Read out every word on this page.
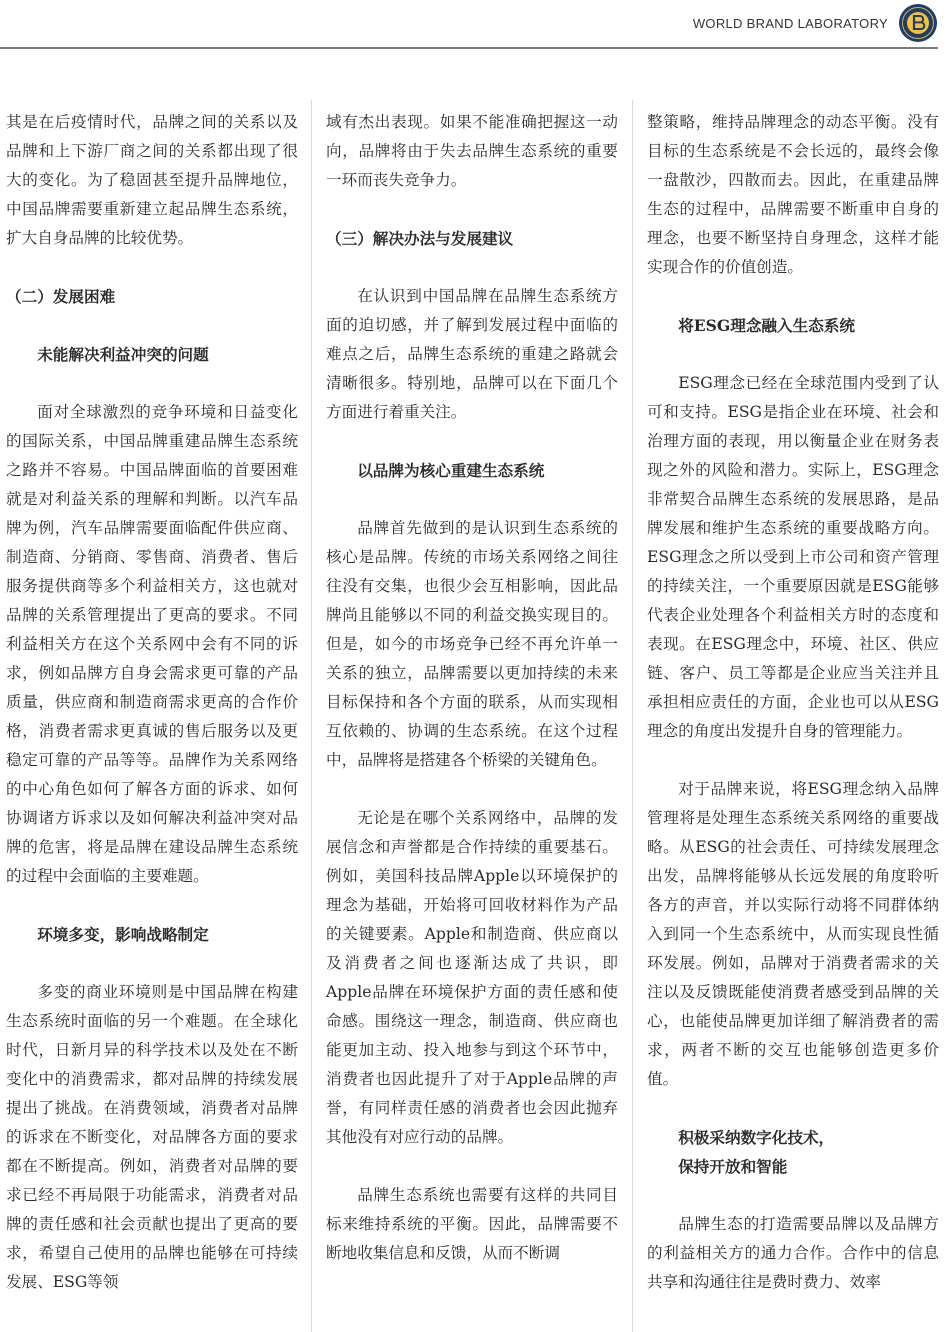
WORLD BRAND LABORATORY

其是在后疫情时代，品牌之间的关系以及品牌和上下游厂商之间的关系都出现了很大的变化。为了稳固甚至提升品牌地位，中国品牌需要重新建立起品牌生态系统，扩大自身品牌的比较优势。

（二）发展困难
未能解决利益冲突的问题

面对全球激烈的竞争环境和日益变化的国际关系，中国品牌重建品牌生态系统之路并不容易。中国品牌面临的首要困难就是对利益关系的理解和判断。以汽车品牌为例，汽车品牌需要面临配件供应商、制造商、分销商、零售商、消费者、售后服务提供商等多个利益相关方，这也就对品牌的关系管理提出了更高的要求。不同利益相关方在这个关系网中会有不同的诉求，例如品牌方自身会需求更可靠的产品质量，供应商和制造商需求更高的合作价格，消费者需求更真诚的售后服务以及更稳定可靠的产品等等。品牌作为关系网络的中心角色如何了解各方面的诉求、如何协调诸方诉求以及如何解决利益冲突对品牌的危害，将是品牌在建设品牌生态系统的过程中会面临的主要难题。

环境多变，影响战略制定

多变的商业环境则是中国品牌在构建生态系统时面临的另一个难题。在全球化时代，日新月异的科学技术以及处在不断变化中的消费需求，都对品牌的持续发展提出了挑战。在消费领域，消费者对品牌的诉求在不断变化，对品牌各方面的要求都在不断提高。例如，消费者对品牌的要求已经不再局限于功能需求，消费者对品牌的责任感和社会贡献也提出了更高的要求，希望自己使用的品牌也能够在可持续发展、ESG等领

域有杰出表现。如果不能准确把握这一动向，品牌将由于失去品牌生态系统的重要一环而丧失竞争力。

（三）解决办法与发展建议

在认识到中国品牌在品牌生态系统方面的迫切感，并了解到发展过程中面临的难点之后，品牌生态系统的重建之路就会清晰很多。特别地，品牌可以在下面几个方面进行着重关注。

以品牌为核心重建生态系统

品牌首先做到的是认识到生态系统的核心是品牌。传统的市场关系网络之间往往没有交集，也很少会互相影响，因此品牌尚且能够以不同的利益交换实现目的。但是，如今的市场竞争已经不再允许单一关系的独立，品牌需要以更加持续的未来目标保持和各个方面的联系，从而实现相互依赖的、协调的生态系统。在这个过程中，品牌将是搭建各个桥梁的关键角色。

无论是在哪个关系网络中，品牌的发展信念和声誉都是合作持续的重要基石。例如，美国科技品牌Apple以环境保护的理念为基础，开始将可回收材料作为产品的关键要素。Apple和制造商、供应商以及消费者之间也逐渐达成了共识，即Apple品牌在环境保护方面的责任感和使命感。围绕这一理念，制造商、供应商也能更加主动、投入地参与到这个环节中，消费者也因此提升了对于Apple品牌的声誉，有同样责任感的消费者也会因此抛弃其他没有对应行动的品牌。

品牌生态系统也需要有这样的共同目标来维持系统的平衡。因此，品牌需要不断地收集信息和反馈，从而不断调

整策略，维持品牌理念的动态平衡。没有目标的生态系统是不会长远的，最终会像一盘散沙，四散而去。因此，在重建品牌生态的过程中，品牌需要不断重申自身的理念，也要不断坚持自身理念，这样才能实现合作的价值创造。

将ESG理念融入生态系统

ESG理念已经在全球范围内受到了认可和支持。ESG是指企业在环境、社会和治理方面的表现，用以衡量企业在财务表现之外的风险和潜力。实际上，ESG理念非常契合品牌生态系统的发展思路，是品牌发展和维护生态系统的重要战略方向。ESG理念之所以受到上市公司和资产管理的持续关注，一个重要原因就是ESG能够代表企业处理各个利益相关方时的态度和表现。在ESG理念中，环境、社区、供应链、客户、员工等都是企业应当关注并且承担相应责任的方面，企业也可以从ESG理念的角度出发提升自身的管理能力。

对于品牌来说，将ESG理念纳入品牌管理将是处理生态系统关系网络的重要战略。从ESG的社会责任、可持续发展理念出发，品牌将能够从长远发展的角度聆听各方的声音，并以实际行动将不同群体纳入到同一个生态系统中，从而实现良性循环发展。例如，品牌对于消费者需求的关注以及反馈既能使消费者感受到品牌的关心，也能使品牌更加详细了解消费者的需求，两者不断的交互也能够创造更多价值。

积极采纳数字化技术，
保持开放和智能

品牌生态的打造需要品牌以及品牌方的利益相关方的通力合作。合作中的信息共享和沟通往往是费时费力、效率
